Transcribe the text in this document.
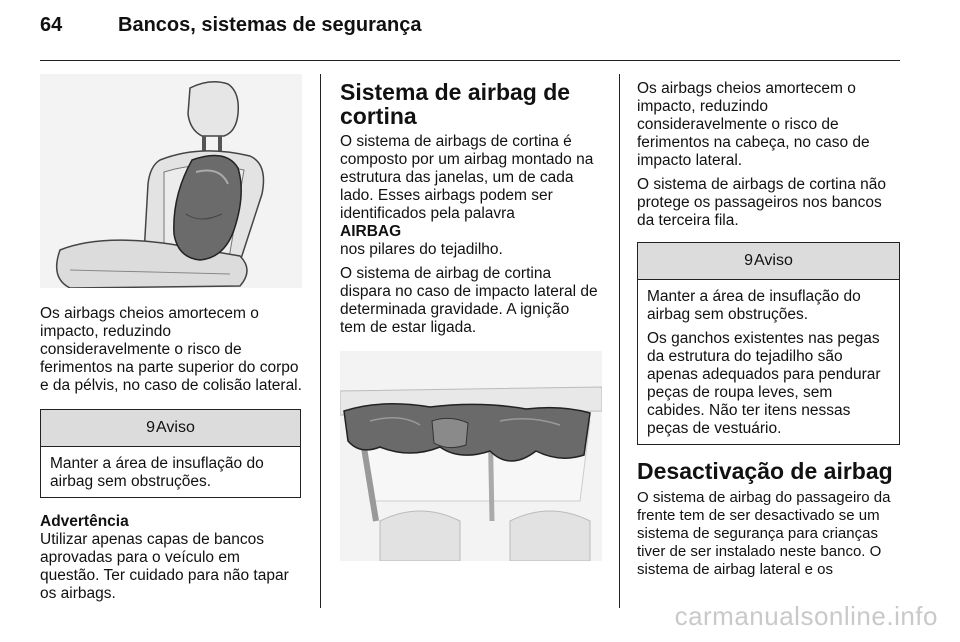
64	Bancos, sistemas de segurança
Os airbags cheios amortecem o
impacto, reduzindo
consideravelmente o risco de
ferimentos na parte superior do corpo
e da pélvis, no caso de colisão lateral.
9 Aviso
Manter a área de insuflação do
airbag sem obstruções.
Advertência
Utilizar apenas capas de bancos
aprovadas para o veículo em
questão. Ter cuidado para não tapar
os airbags.
Sistema de airbag de
cortina
O sistema de airbags de cortina é
composto por um airbag montado na
estrutura das janelas, um de cada
lado. Esses airbags podem ser
identificados pela palavra
AIRBAG
nos pilares do tejadilho.
O sistema de airbag de cortina
dispara no caso de impacto lateral de
determinada gravidade. A ignição
tem de estar ligada.
Os airbags cheios amortecem o
impacto, reduzindo
consideravelmente o risco de
ferimentos na cabeça, no caso de
impacto lateral.
O sistema de airbags de cortina não
protege os passageiros nos bancos
da terceira fila.
9 Aviso
Manter a área de insuflação do
airbag sem obstruções.
Os ganchos existentes nas pegas
da estrutura do tejadilho são
apenas adequados para pendurar
peças de roupa leves, sem
cabides. Não ter itens nessas
peças de vestuário.
Desactivação de airbag
O sistema de airbag do passageiro da
frente tem de ser desactivado se um
sistema de segurança para crianças
tiver de ser instalado neste banco. O
sistema de airbag lateral e os
carmanualsonline.info
